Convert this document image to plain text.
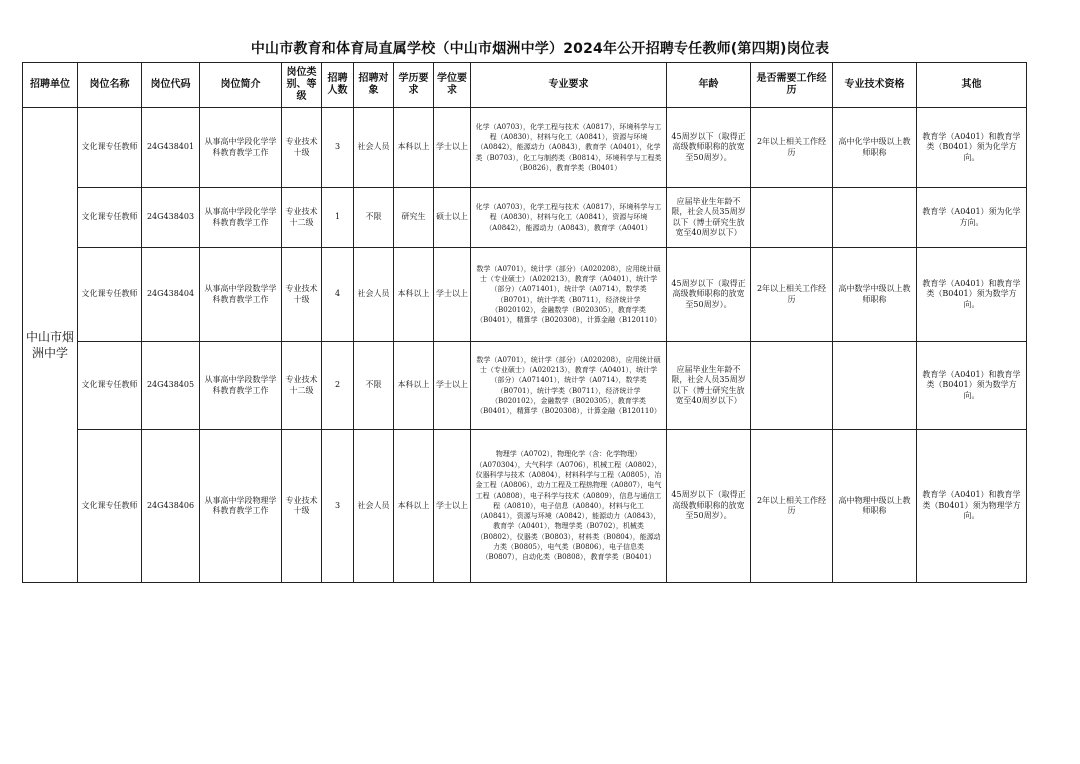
中山市教育和体育局直属学校（中山市烟洲中学）2024年公开招聘专任教师(第四期)岗位表
招聘单位	岗位名称	岗位代码	岗位简介	岗位类别、等级	招聘人数	招聘对象	学历要求	学位要求	专业要求	年龄	是否需要工作经历	专业技术资格	其他
中山市烟洲中学	文化课专任教师	24G438401	从事高中学段化学学科教育教学工作	专业技术十级	3	社会人员	本科以上	学士以上	化学（A0703），化学工程与技术（A0817），环境科学与工程（A0830），材料与化工（A0841），资源与环境（A0842），能源动力（A0843），教育学（A0401），化学类（B0703），化工与制药类（B0814），环境科学与工程类（B0826），教育学类（B0401）	45周岁以下（取得正高级教师职称的放宽至50周岁）。	2年以上相关工作经历	高中化学中级以上教师职称	教育学（A0401）和教育学类（B0401）须为化学方向。
	文化课专任教师	24G438403	从事高中学段化学学科教育教学工作	专业技术十二级	1	不限	研究生	硕士以上	化学（A0703），化学工程与技术（A0817），环境科学与工程（A0830），材料与化工（A0841），资源与环境（A0842），能源动力（A0843），教育学（A0401）	应届毕业生年龄不限，社会人员35周岁以下（博士研究生放宽至40周岁以下）			教育学（A0401）须为化学方向。
	文化课专任教师	24G438404	从事高中学段数学学科教育教学工作	专业技术十级	4	社会人员	本科以上	学士以上	数学（A0701），统计学（部分）（A020208），应用统计硕士（专业硕士）（A020213），教育学（A0401），统计学（部分）（A071401），统计学（A0714），数学类（B0701），统计学类（B0711），经济统计学（B020102），金融数学（B020305），教育学类（B0401），精算学（B020308），计算金融（B120110）	45周岁以下（取得正高级教师职称的放宽至50周岁）。	2年以上相关工作经历	高中数学中级以上教师职称	教育学（A0401）和教育学类（B0401）须为数学方向。
	文化课专任教师	24G438405	从事高中学段数学学科教育教学工作	专业技术十二级	2	不限	本科以上	学士以上	数学（A0701），统计学（部分）（A020208），应用统计硕士（专业硕士）（A020213），教育学（A0401），统计学（部分）（A071401），统计学（A0714），数学类（B0701），统计学类（B0711），经济统计学（B020102），金融数学（B020305），教育学类（B0401），精算学（B020308），计算金融（B120110）	应届毕业生年龄不限，社会人员35周岁以下（博士研究生放宽至40周岁以下）			教育学（A0401）和教育学类（B0401）须为数学方向。
	文化课专任教师	24G438406	从事高中学段物理学科教育教学工作	专业技术十级	3	社会人员	本科以上	学士以上	物理学（A0702），物理化学（含：化学物理）（A070304），大气科学（A0706），机械工程（A0802），仪器科学与技术（A0804），材料科学与工程（A0805），冶金工程（A0806），动力工程及工程热物理（A0807），电气工程（A0808），电子科学与技术（A0809），信息与通信工程（A0810），电子信息（A0840），材料与化工（A0841），资源与环境（A0842），能源动力（A0843），教育学（A0401），物理学类（B0702），机械类（B0802），仪器类（B0803），材料类（B0804），能源动力类（B0805），电气类（B0806），电子信息类（B0807），自动化类（B0808），教育学类（B0401）	45周岁以下（取得正高级教师职称的放宽至50周岁）。	2年以上相关工作经历	高中物理中级以上教师职称	教育学（A0401）和教育学类（B0401）须为物理学方向。
